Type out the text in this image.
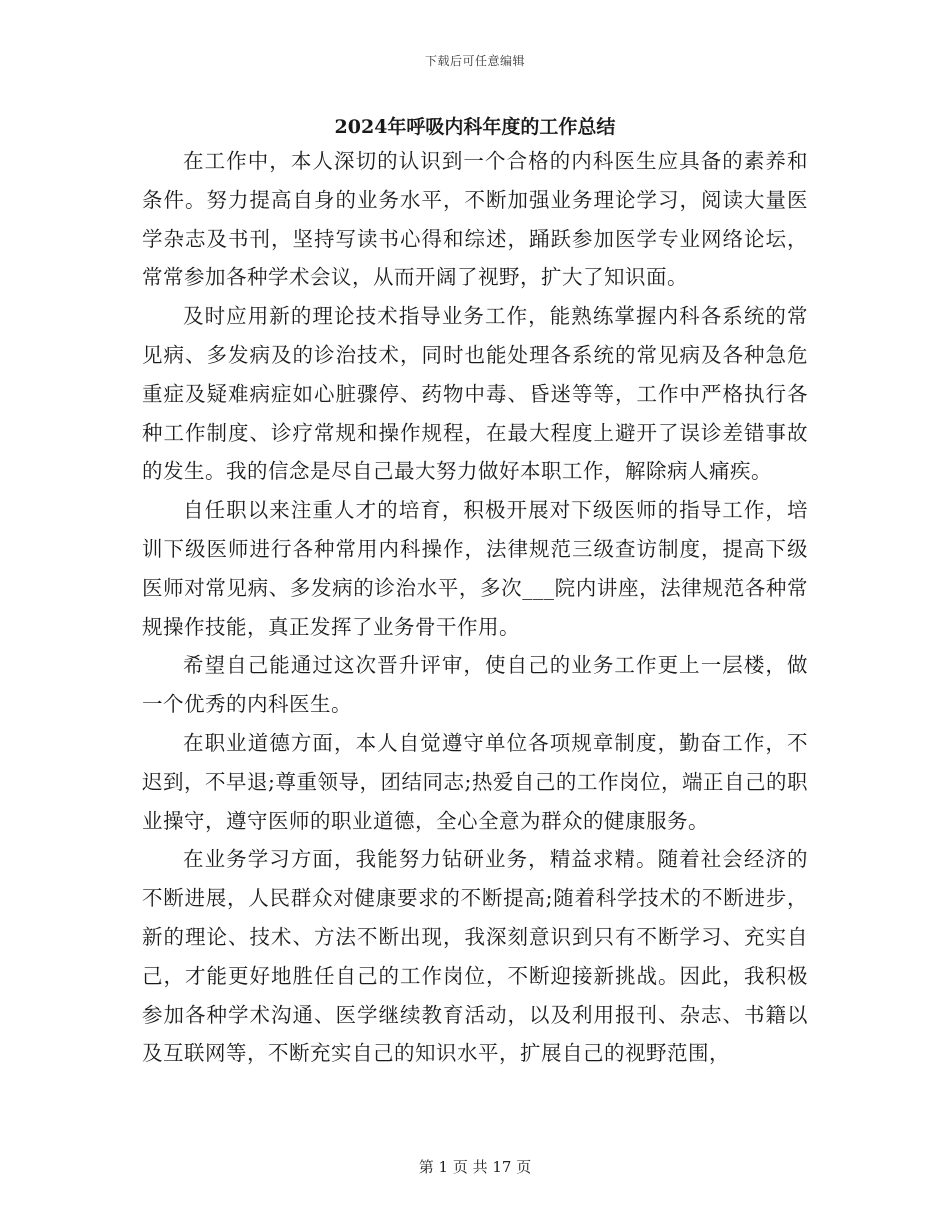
下载后可任意编辑
2024年呼吸内科年度的工作总结

在工作中，本人深切的认识到一个合格的内科医生应具备的素养和条件。努力提高自身的业务水平，不断加强业务理论学习，阅读大量医学杂志及书刊，坚持写读书心得和综述，踊跃参加医学专业网络论坛，常常参加各种学术会议，从而开阔了视野，扩大了知识面。

及时应用新的理论技术指导业务工作，能熟练掌握内科各系统的常见病、多发病及的诊治技术，同时也能处理各系统的常见病及各种急危重症及疑难病症如心脏骤停、药物中毒、昏迷等等，工作中严格执行各种工作制度、诊疗常规和操作规程，在最大程度上避开了误诊差错事故的发生。我的信念是尽自己最大努力做好本职工作，解除病人痛疾。

自任职以来注重人才的培育，积极开展对下级医师的指导工作，培训下级医师进行各种常用内科操作，法律规范三级查访制度，提高下级医师对常见病、多发病的诊治水平，多次___院内讲座，法律规范各种常规操作技能，真正发挥了业务骨干作用。

希望自己能通过这次晋升评审，使自己的业务工作更上一层楼，做一个优秀的内科医生。

在职业道德方面，本人自觉遵守单位各项规章制度，勤奋工作，不迟到，不早退;尊重领导，团结同志;热爱自己的工作岗位，端正自己的职业操守，遵守医师的职业道德，全心全意为群众的健康服务。

在业务学习方面，我能努力钻研业务，精益求精。随着社会经济的不断进展，人民群众对健康要求的不断提高;随着科学技术的不断进步，新的理论、技术、方法不断出现，我深刻意识到只有不断学习、充实自己，才能更好地胜任自己的工作岗位，不断迎接新挑战。因此，我积极参加各种学术沟通、医学继续教育活动，以及利用报刊、杂志、书籍以及互联网等，不断充实自己的知识水平，扩展自己的视野范围，

第 1 页 共 17 页
